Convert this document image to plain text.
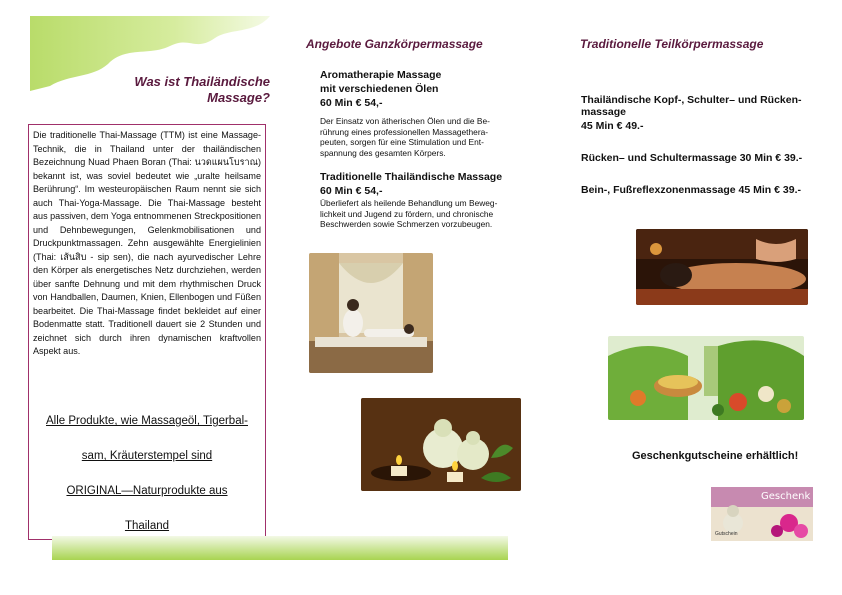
Was ist Thailändische
Massage?
Die traditionelle Thai-Massage (TTM) ist eine Massage-Technik, die in Thailand unter der thailändischen Bezeichnung Nuad Phaen Boran (Thai: นวดแผนโบราณ) bekannt ist, was soviel bedeutet wie „uralte heilsame Berührung“. Im westeuropäischen Raum nennt sie sich auch Thai-Yoga-Massage. Die Thai-Massage besteht aus passiven, dem Yoga entnommenen Streckpositionen und Dehnbewegungen, Gelenkmobilisationen und Druckpunktmassagen. Zehn ausgewählte Energielinien (Thai: เส้นสิบ - sip sen), die nach ayurvedischer Lehre den Körper als energetisches Netz durchziehen, werden über sanfte Dehnung und mit dem rhythmischen Druck von Handballen, Daumen, Knien, Ellenbogen und Füßen bearbeitet. Die Thai-Massage findet bekleidet auf einer Bodenmatte statt. Traditionell dauert sie 2 Stunden und zeichnet sich durch ihren dynamischen kraftvollen Aspekt aus.
Alle Produkte, wie Massageöl, Tigerbal-
sam, Kräuterstempel sind
ORIGINAL—Naturprodukte aus
Thailand
Angebote Ganzkörpermassage
Aromatherapie Massage
mit verschiedenen Ölen
60 Min € 54,-
Der Einsatz von ätherischen Ölen und die Be-
rührung eines professionellen Massagethera-
peuten, sorgen für eine Stimulation und Ent-
spannung des gesamten Körpers.
Traditionelle Thailändische Massage
60 Min € 54,-
Überliefert als heilende Behandlung um Beweg-
lichkeit und Jugend zu fördern, und chronische
Beschwerden sowie Schmerzen vorzubeugen.
Traditionelle Teilkörpermassage
Thailändische Kopf-, Schulter– und Rücken-
massage
45 Min € 49.-
Rücken– und Schultermassage 30 Min € 39.-
Bein-, Fußreflexzonenmassage 45 Min € 39.-
Geschenkgutscheine erhältlich!
Geschenk
Gutschein
